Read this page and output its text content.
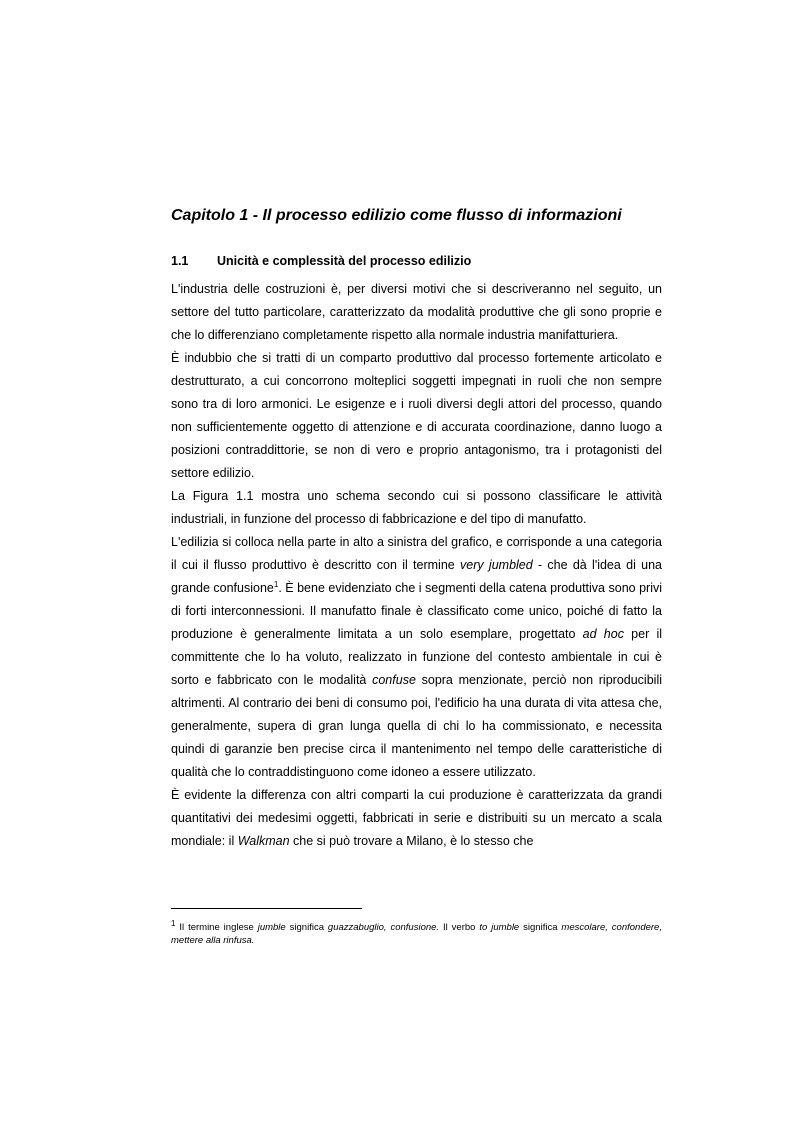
Capitolo 1 - Il processo edilizio come flusso di informazioni
1.1 Unicità e complessità del processo edilizio

L'industria delle costruzioni è, per diversi motivi che si descriveranno nel seguito, un settore del tutto particolare, caratterizzato da modalità produttive che gli sono proprie e che lo differenziano completamente rispetto alla normale industria manifatturiera.

È indubbio che si tratti di un comparto produttivo dal processo fortemente articolato e destrutturato, a cui concorrono molteplici soggetti impegnati in ruoli che non sempre sono tra di loro armonici. Le esigenze e i ruoli diversi degli attori del processo, quando non sufficientemente oggetto di attenzione e di accurata coordinazione, danno luogo a posizioni contraddittorie, se non di vero e proprio antagonismo, tra i protagonisti del settore edilizio.

La Figura 1.1 mostra uno schema secondo cui si possono classificare le attività industriali, in funzione del processo di fabbricazione e del tipo di manufatto.

L'edilizia si colloca nella parte in alto a sinistra del grafico, e corrisponde a una categoria il cui il flusso produttivo è descritto con il termine very jumbled - che dà l'idea di una grande confusione$^1$. È bene evidenziato che i segmenti della catena produttiva sono privi di forti interconnessioni. Il manufatto finale è classificato come unico, poiché di fatto la produzione è generalmente limitata a un solo esemplare, progettato ad hoc per il committente che lo ha voluto, realizzato in funzione del contesto ambientale in cui è sorto e fabbricato con le modalità confuse sopra menzionate, perciò non riproducibili altrimenti. Al contrario dei beni di consumo poi, l'edificio ha una durata di vita attesa che, generalmente, supera di gran lunga quella di chi lo ha commissionato, e necessita quindi di garanzie ben precise circa il mantenimento nel tempo delle caratteristiche di qualità che lo contraddistinguono come idoneo a essere utilizzato.

È evidente la differenza con altri comparti la cui produzione è caratterizzata da grandi quantitativi dei medesimi oggetti, fabbricati in serie e distribuiti su un mercato a scala mondiale: il Walkman che si può trovare a Milano, è lo stesso che

$^1$ Il termine inglese jumble significa guazzabuglio, confusione. Il verbo to jumble significa mescolare, confondere, mettere alla rinfusa.
